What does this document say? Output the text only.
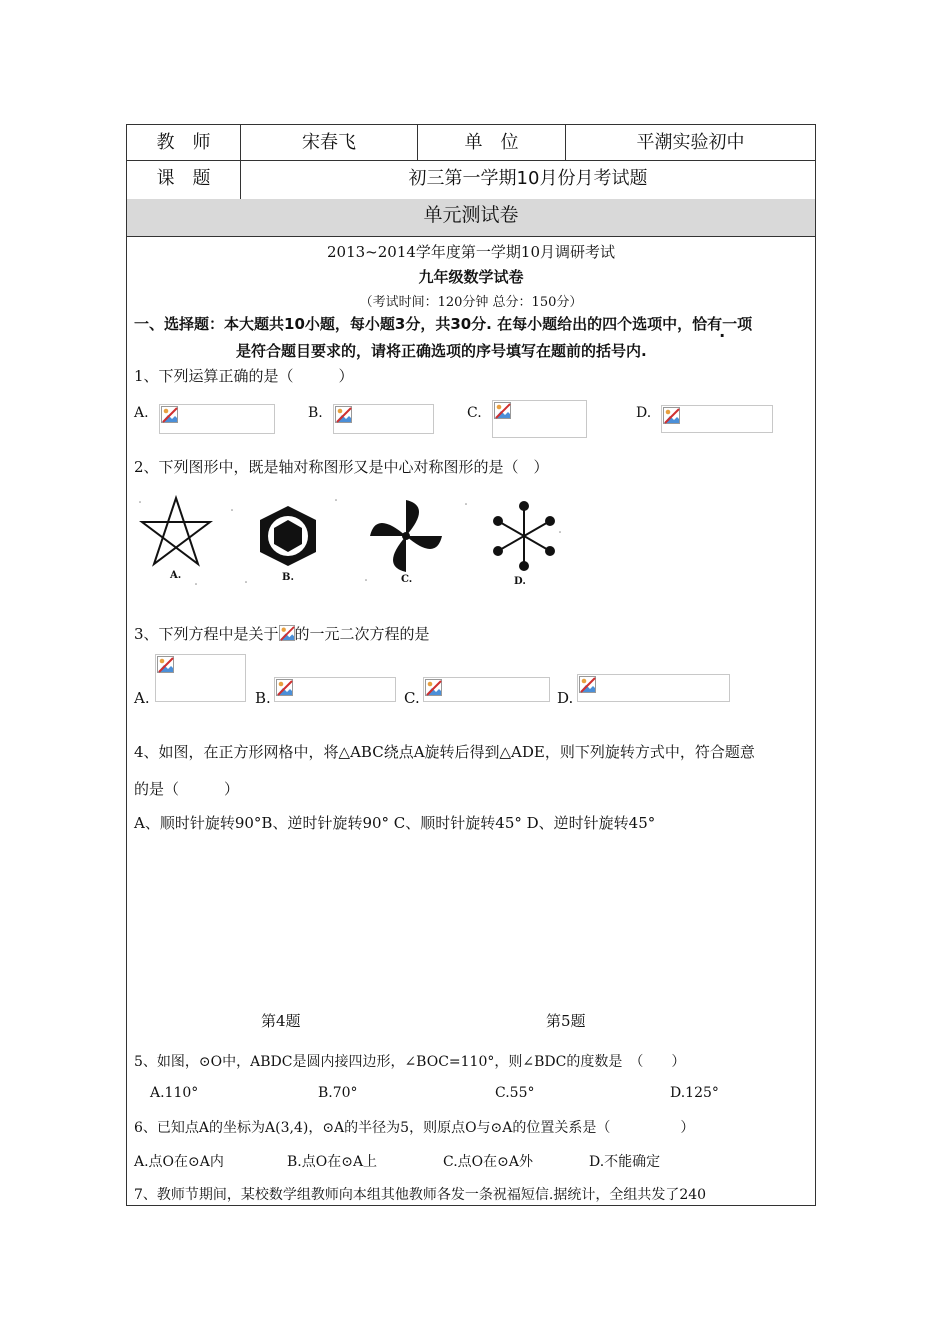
教　师	宋春飞	单　位	平潮实验初中
课　题	初三第一学期10月份月考试题
单元测试卷
2013~2014学年度第一学期10月调研考试
九年级数学试卷
（考试时间：120分钟 总分：150分）
一、选择题：本大题共10小题，每小题3分，共30分. 在每小题给出的四个选项中，恰有一项
是符合题目要求的，请将正确选项的序号填写在题前的括号内.
1、下列运算正确的是（　　　）
A.	B.	C.	D.
2、下列图形中，既是轴对称图形又是中心对称图形的是（　）
A.	B.	C.	D.
3、下列方程中是关于 的一元二次方程的是
A.	B.	C.	D.
4、如图，在正方形网格中，将△ABC绕点A旋转后得到△ADE，则下列旋转方式中，符合题意
的是（　　　）
A、顺时针旋转90°B、逆时针旋转90° C、顺时针旋转45° D、逆时针旋转45°
第4题	第5题
5、如图，⊙O中，ABDC是圆内接四边形，∠BOC=110°，则∠BDC的度数是　（　　）
A.110°	B.70°	C.55°	D.125°
6、已知点A的坐标为A(3,4)，⊙A的半径为5，则原点O与⊙A的位置关系是（　　　　　）
A.点O在⊙A内	B.点O在⊙A上	C.点O在⊙A外	D.不能确定
7、教师节期间，某校数学组教师向本组其他教师各发一条祝福短信.据统计，全组共发了240
